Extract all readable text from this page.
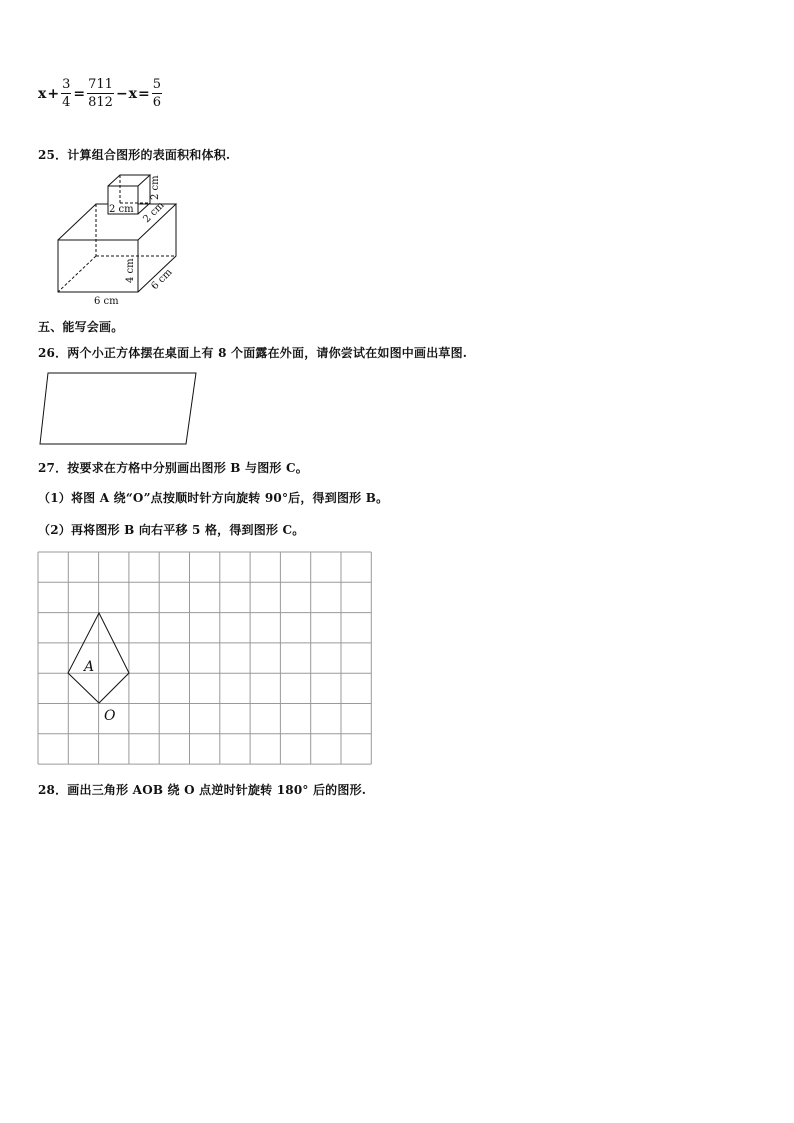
$x + \frac{3}{4} = \frac{711}{812} - x = \frac{5}{6}$
25．计算组合图形的表面积和体积.
2 cm
2 cm
2 cm
4 cm 6 cm
6 cm
五、能写会画。
26．两个小正方体摆在桌面上有 8 个面露在外面，请你尝试在如图中画出草图.
27．按要求在方格中分别画出图形 B 与图形 C。
（1）将图 A 绕“O”点按顺时针方向旋转 90°后，得到图形 B。
（2）再将图形 B 向右平移 5 格，得到图形 C。
A
O
28．画出三角形 AOB 绕 O 点逆时针旋转 180° 后的图形.
